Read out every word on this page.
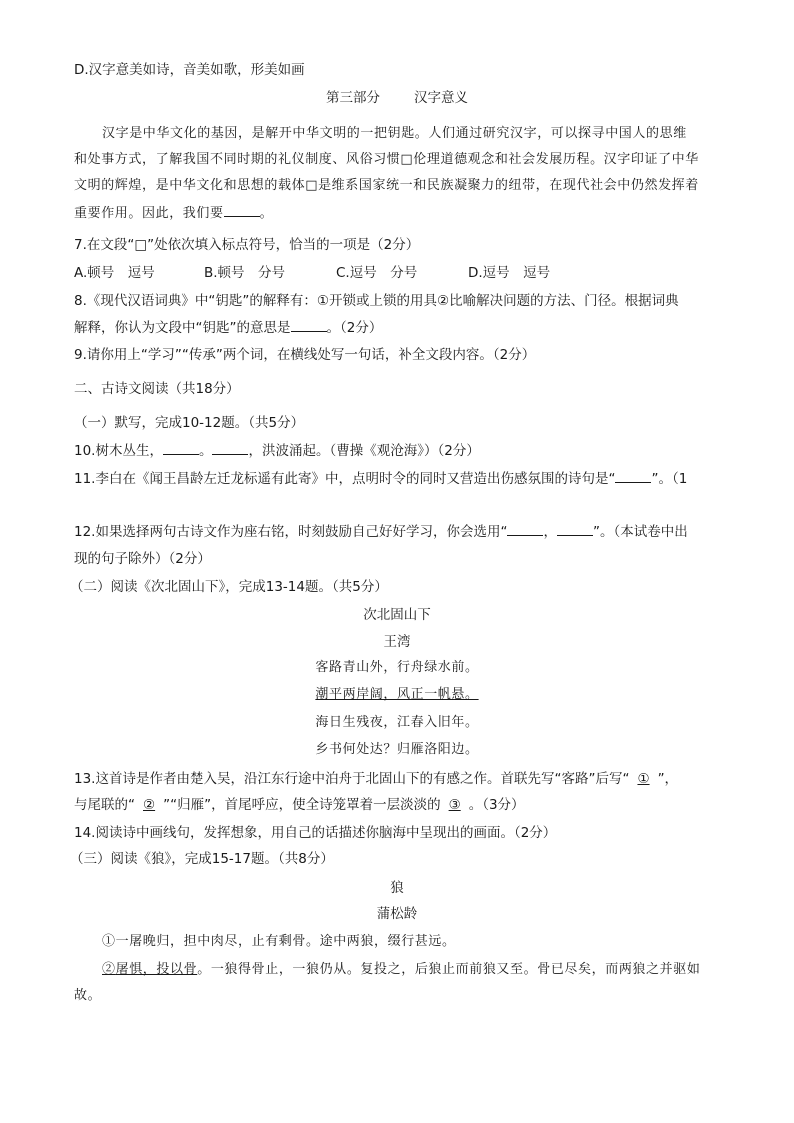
D.汉字意美如诗，音美如歌，形美如画
第三部分	汉字意义
汉字是中华文化的基因，是解开中华文明的一把钥匙。人们通过研究汉字，可以探寻中国人的思维
和处事方式，了解我国不同时期的礼仪制度、风俗习惯□伦理道德观念和社会发展历程。汉字印证了中华
文明的辉煌，是中华文化和思想的载体□是维系国家统一和民族凝聚力的纽带，在现代社会中仍然发挥着
重要作用。因此，我们要	。
7.在文段“□”处依次填入标点符号，恰当的一项是（2分）
A.顿号　逗号	B.顿号　分号	C.逗号　分号	D.逗号　逗号
8.《现代汉语词典》中“钥匙”的解释有：①开锁或上锁的用具②比喻解决问题的方法、门径。根据词典
解释，你认为文段中“钥匙”的意思是	。（2分）
9.请你用上“学习”“传承”两个词，在横线处写一句话，补全文段内容。（2分）
二、古诗文阅读（共18分）
（一）默写，完成10-12题。（共5分）
10.树木丛生，	。	，洪波涌起。（曹操《观沧海》）（2分）
11.李白在《闻王昌龄左迁龙标遥有此寄》中，点明时令的同时又营造出伤感氛围的诗句是“	”。（1
12.如果选择两句古诗文作为座右铭，时刻鼓励自己好好学习，你会选用“	，	”。（本试卷中出
现的句子除外）（2分）
（二）阅读《次北固山下》，完成13-14题。（共5分）
次北固山下
王湾
客路青山外，行舟绿水前。
潮平两岸阔，风正一帆悬。
海日生残夜，江春入旧年。
乡书何处达？归雁洛阳边。
13.这首诗是作者由楚入吴，沿江东行途中泊舟于北固山下的有感之作。首联先写“客路”后写“ ① ”，
与尾联的“ ② ”“归雁”，首尾呼应，使全诗笼罩着一层淡淡的 ③ 。（3分）
14.阅读诗中画线句，发挥想象，用自己的话描述你脑海中呈现出的画面。（2分）
（三）阅读《狼》，完成15-17题。（共8分）
狼
蒲松龄
①一屠晚归，担中肉尽，止有剩骨。途中两狼，缀行甚远。
②屠惧，投以骨。一狼得骨止，一狼仍从。复投之，后狼止而前狼又至。骨已尽矣，而两狼之并驱如
故。
